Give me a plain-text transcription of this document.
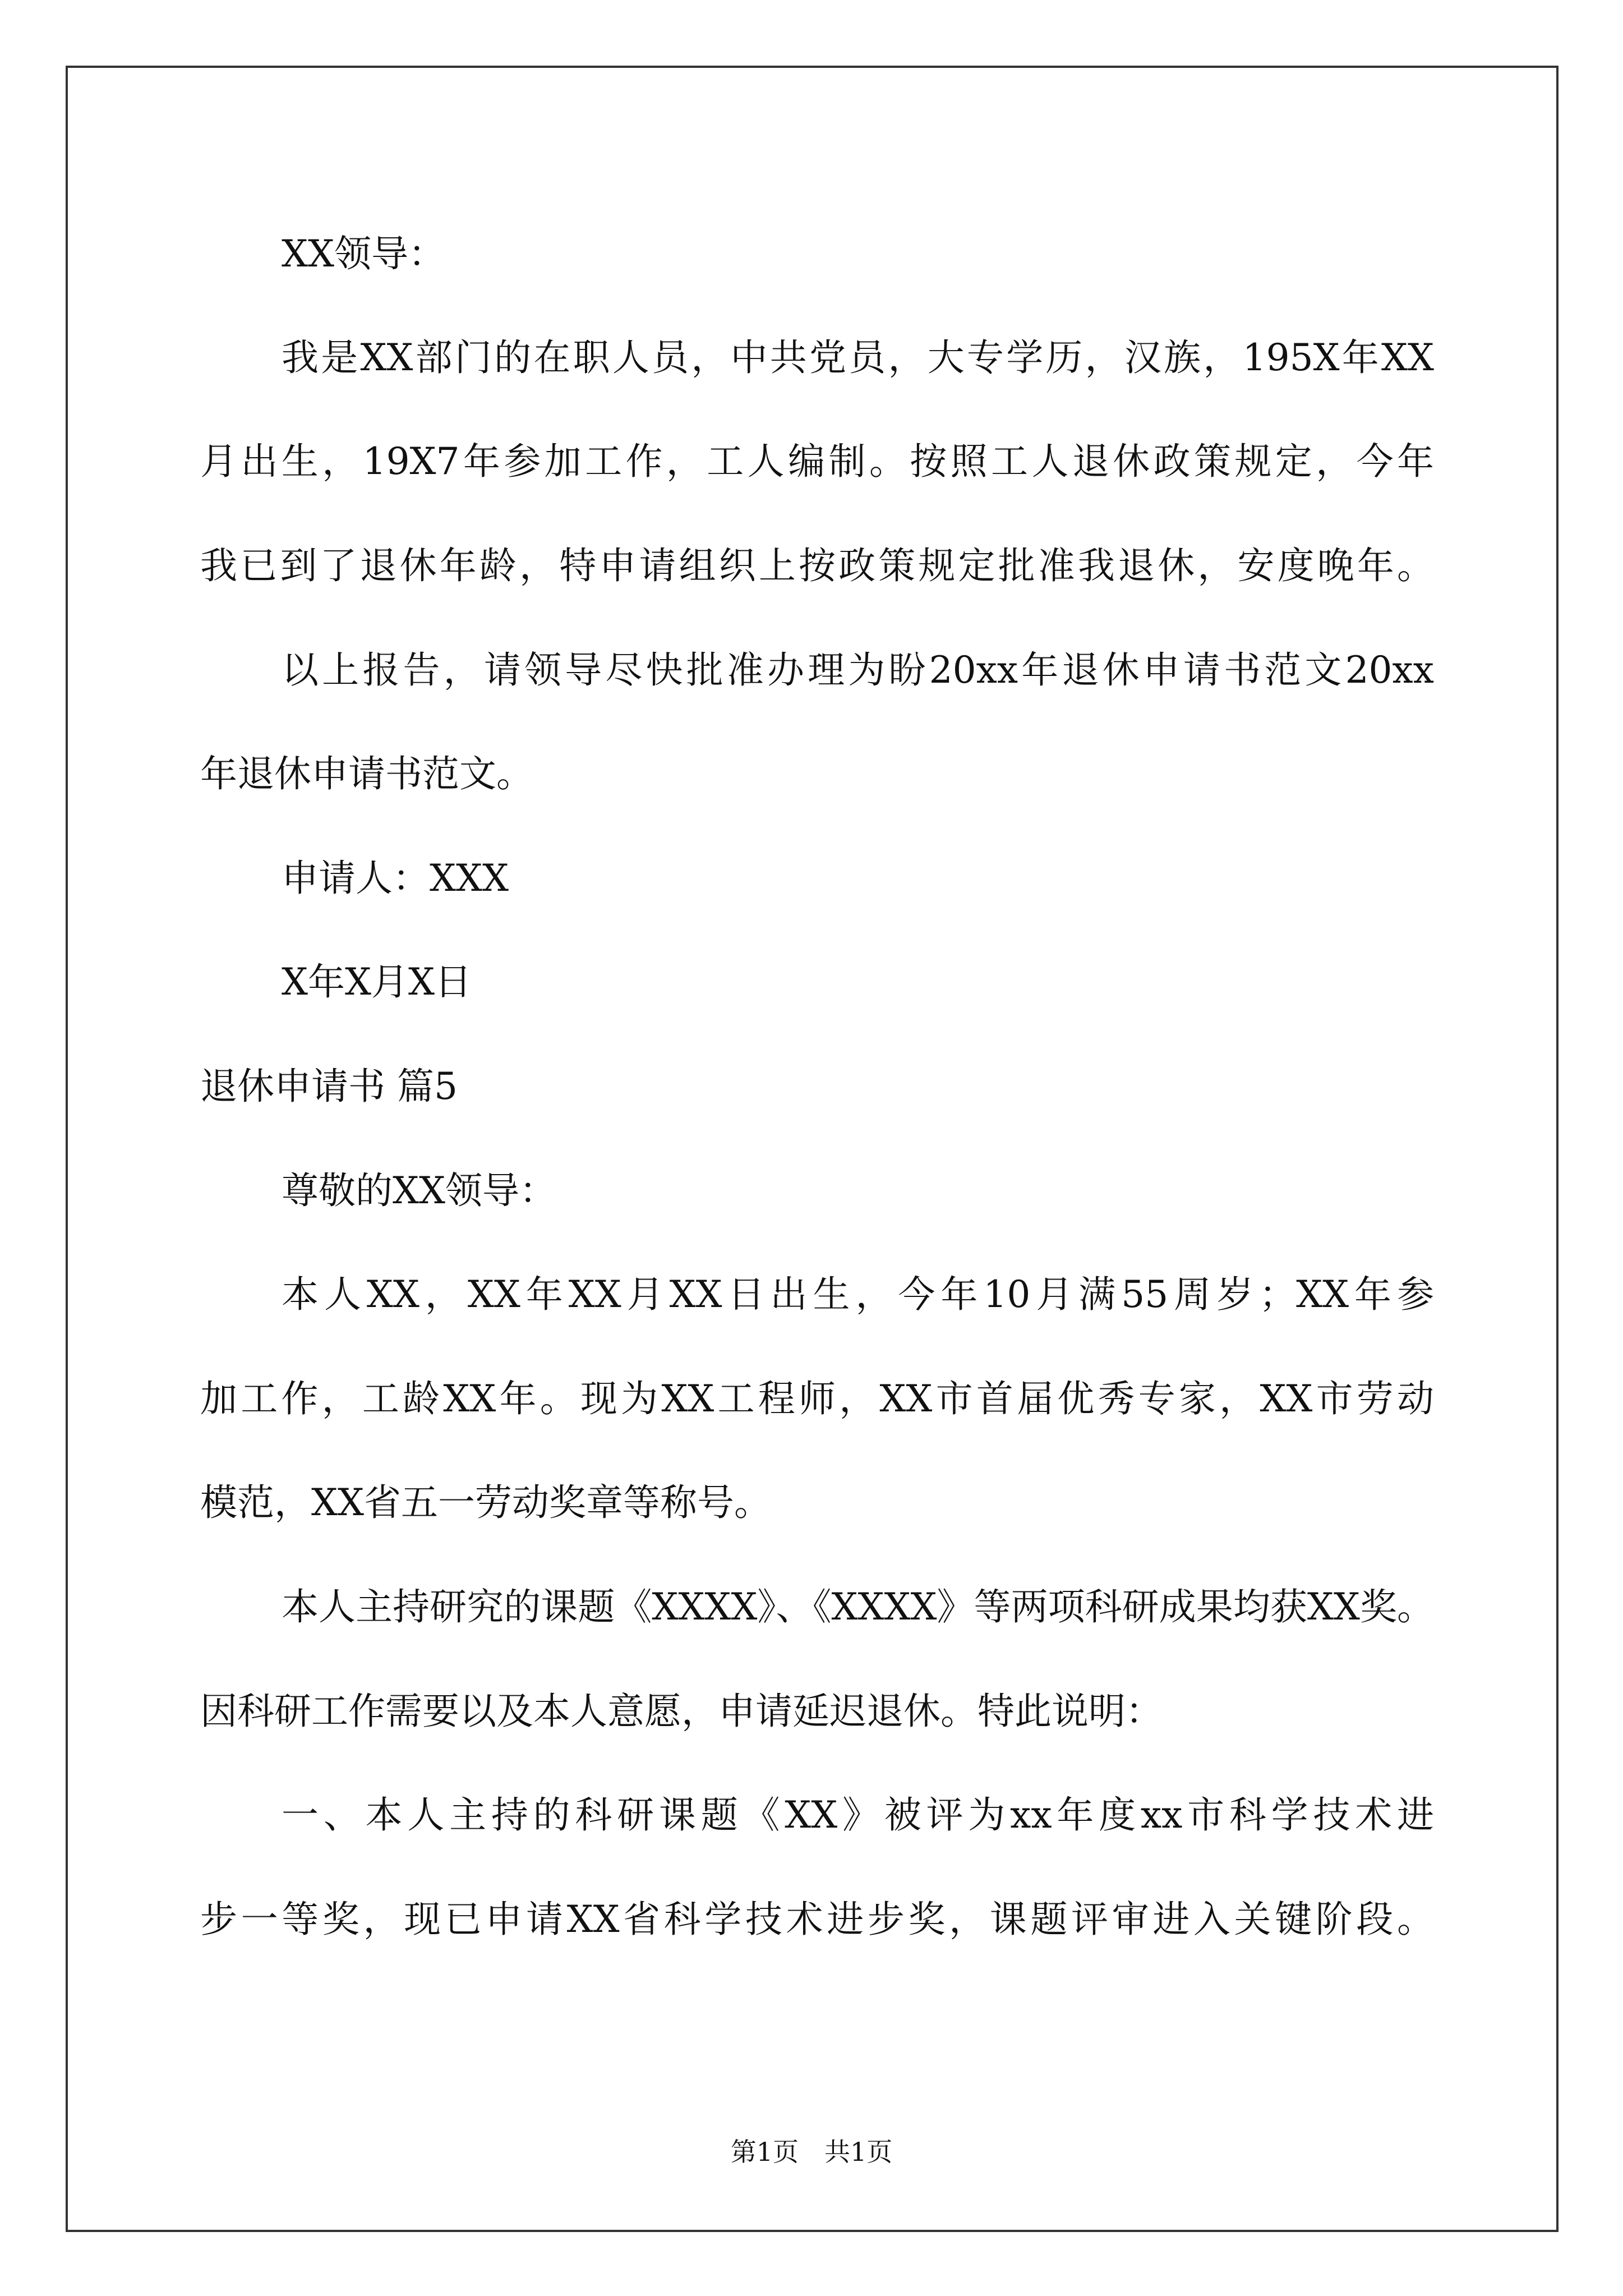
XX领导：
我是XX部门的在职人员，中共党员，大专学历，汉族，195X年XX
月出生，19X7年参加工作，工人编制。按照工人退休政策规定，今年
我已到了退休年龄，特申请组织上按政策规定批准我退休，安度晚年。
以上报告，请领导尽快批准办理为盼20xx年退休申请书范文20xx
年退休申请书范文。
申请人：XXX
X年X月X日
退休申请书 篇5
尊敬的XX领导：
本人XX，XX年XX月XX日出生，今年10月满55周岁；XX年参
加工作，工龄XX年。现为XX工程师，XX市首届优秀专家，XX市劳动
模范，XX省五一劳动奖章等称号。
本人主持研究的课题《XXXX》、《XXXX》等两项科研成果均获XX奖。
因科研工作需要以及本人意愿，申请延迟退休。特此说明：
一、本人主持的科研课题《XX》被评为xx年度xx市科学技术进
步一等奖，现已申请XX省科学技术进步奖，课题评审进入关键阶段。
第1页　共1页
